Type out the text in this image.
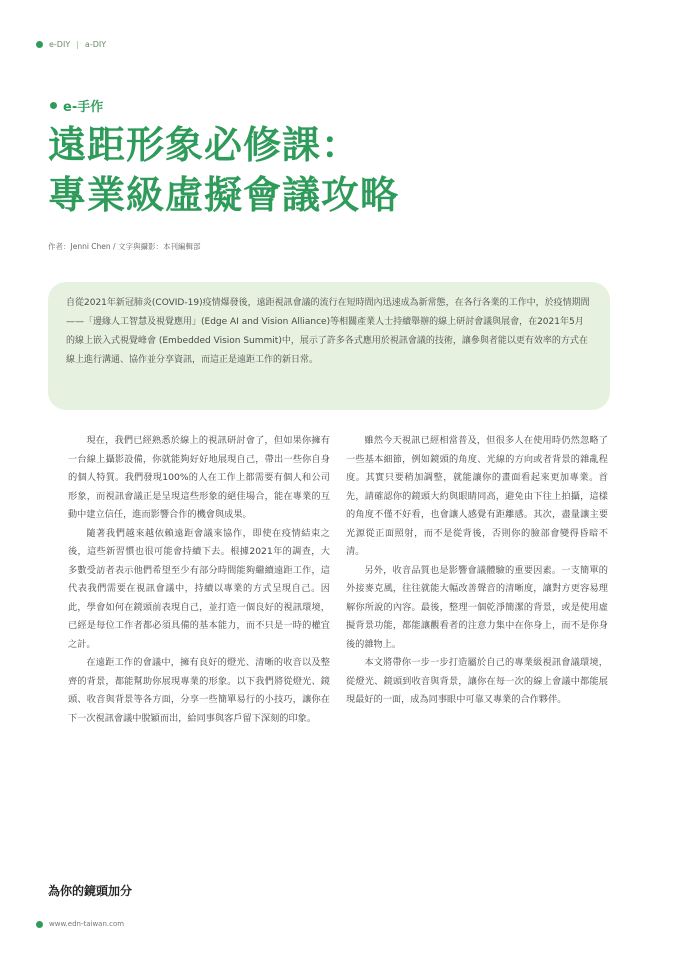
e-DIY | a-DIY
e-手作
遠距形象必修課：
專業級虛擬會議攻略
作者：Jenni Chen / 文字與攝影：本刊編輯部
自從2021年新冠肺炎(COVID-19)疫情爆發後，遠距視訊會議的流行在短時間內迅速成為新常態，在各行各業的工作中，於疫情期間 ——「邊緣人工智慧及視覺應用」(Edge AI and Vision Alliance)等相關產業人士持續舉辦的線上研討會議與展會，在2021年5月的線上嵌入式視覺峰會 (Embedded Vision Summit)中，展示了許多各式應用於視訊會議的技術，讓參與者能以更有效率的方式在線上進行溝通、協作並分享資訊，而這正是遠距工作的新日常。

現在，我們已經熟悉於線上的視訊研討會了，但如果你擁有一台線上攝影設備，你就能夠好好地展現自己，帶出一些你自身的個人特質。我們發現100%的人在工作上都需要有個人和公司形象，而視訊會議正是呈現這些形象的絕佳場合，能在專業的互動中建立信任，進而影響合作的機會與成果。

隨著我們越來越依賴遠距會議來協作，即使在疫情結束之後，這些新習慣也很可能會持續下去。根據2021年的調查，大多數受訪者表示他們希望至少有部分時間能夠繼續遠距工作，這代表我們需要在視訊會議中，持續以專業的方式呈現自己。因此，學會如何在鏡頭前表現自己，並打造一個良好的視訊環境，已經是每位工作者都必須具備的基本能力，而不只是一時的權宜之計。

在遠距工作的會議中，擁有良好的燈光、清晰的收音以及整齊的背景，都能幫助你展現專業的形象。以下我們將從燈光、鏡頭、收音與背景等各方面，分享一些簡單易行的小技巧，讓你在下一次視訊會議中脫穎而出，給同事與客戶留下深刻的印象。

雖然今天視訊已經相當普及，但很多人在使用時仍然忽略了一些基本細節，例如鏡頭的角度、光線的方向或者背景的雜亂程度。其實只要稍加調整，就能讓你的畫面看起來更加專業。首先，請確認你的鏡頭大約與眼睛同高，避免由下往上拍攝，這樣的角度不僅不好看，也會讓人感覺有距離感。其次，盡量讓主要光源從正面照射，而不是從背後，否則你的臉部會變得昏暗不清。

另外，收音品質也是影響會議體驗的重要因素。一支簡單的外接麥克風，往往就能大幅改善聲音的清晰度，讓對方更容易理解你所說的內容。最後，整理一個乾淨簡潔的背景，或是使用虛擬背景功能，都能讓觀看者的注意力集中在你身上，而不是你身後的雜物上。

本文將帶你一步一步打造屬於自己的專業級視訊會議環境，從燈光、鏡頭到收音與背景，讓你在每一次的線上會議中都能展現最好的一面，成為同事眼中可靠又專業的合作夥伴。

為你的鏡頭加分
www.edn-taiwan.com
